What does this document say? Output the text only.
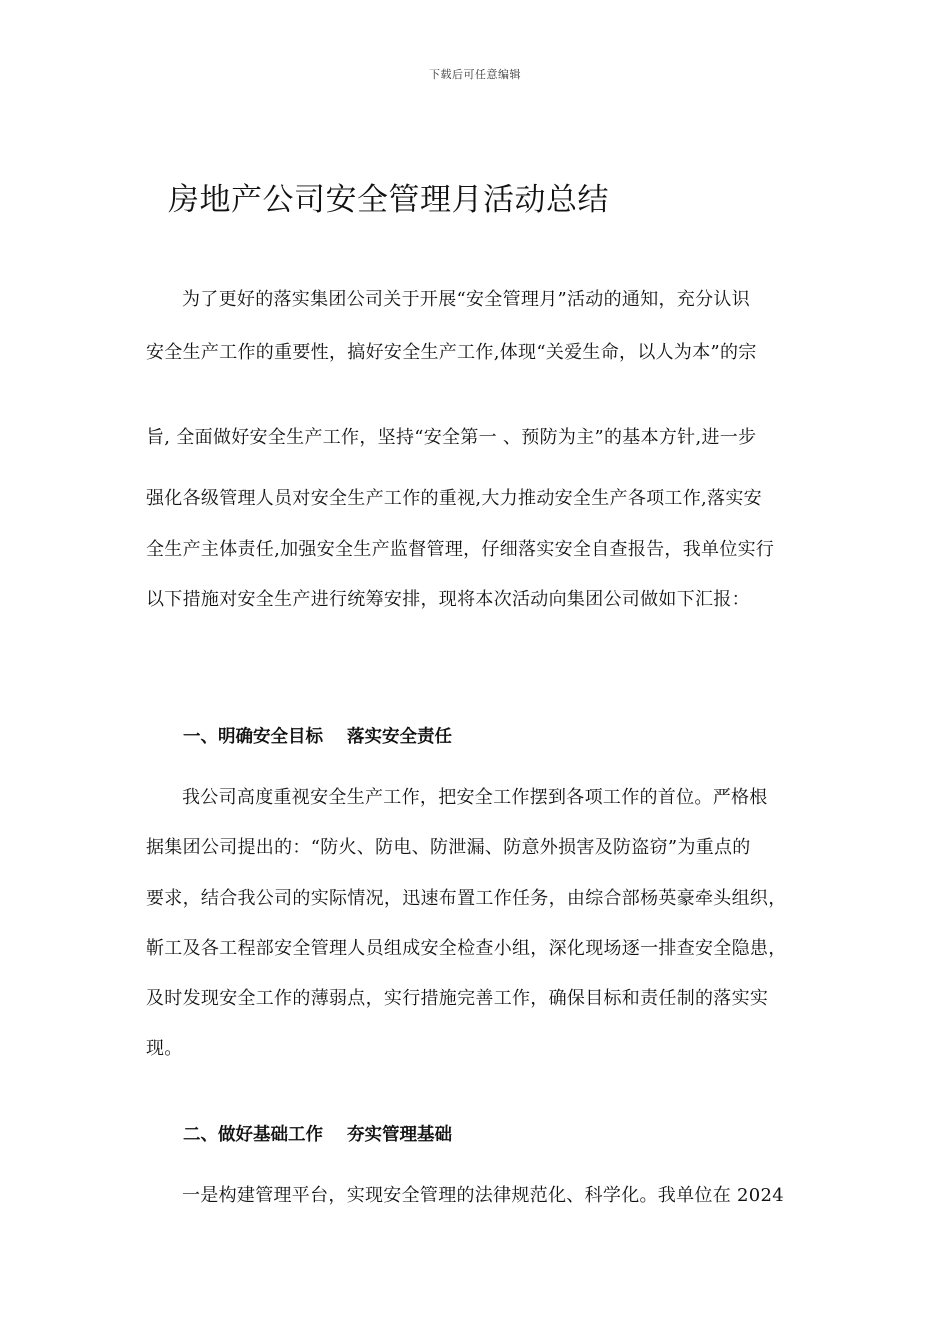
下载后可任意编辑
房地产公司安全管理月活动总结
为了更好的落实集团公司关于开展“安全管理月”活动的通知，充分认识
安全生产工作的重要性，搞好安全生产工作,体现“关爱生命，以人为本”的宗
旨, 全面做好安全生产工作，坚持“安全第一 、预防为主”的基本方针,进一步
强化各级管理人员对安全生产工作的重视,大力推动安全生产各项工作,落实安
全生产主体责任,加强安全生产监督管理，仔细落实安全自查报告，我单位实行
以下措施对安全生产进行统筹安排，现将本次活动向集团公司做如下汇报：
一、明确安全目标 落实安全责任
我公司高度重视安全生产工作，把安全工作摆到各项工作的首位。严格根
据集团公司提出的：“防火、防电、防泄漏、防意外损害及防盗窃”为重点的
要求，结合我公司的实际情况，迅速布置工作任务，由综合部杨英豪牵头组织，
靳工及各工程部安全管理人员组成安全检查小组，深化现场逐一排查安全隐患，
及时发现安全工作的薄弱点，实行措施完善工作，确保目标和责任制的落实实
现。
二、做好基础工作 夯实管理基础
一是构建管理平台，实现安全管理的法律规范化、科学化。我单位在 2024
